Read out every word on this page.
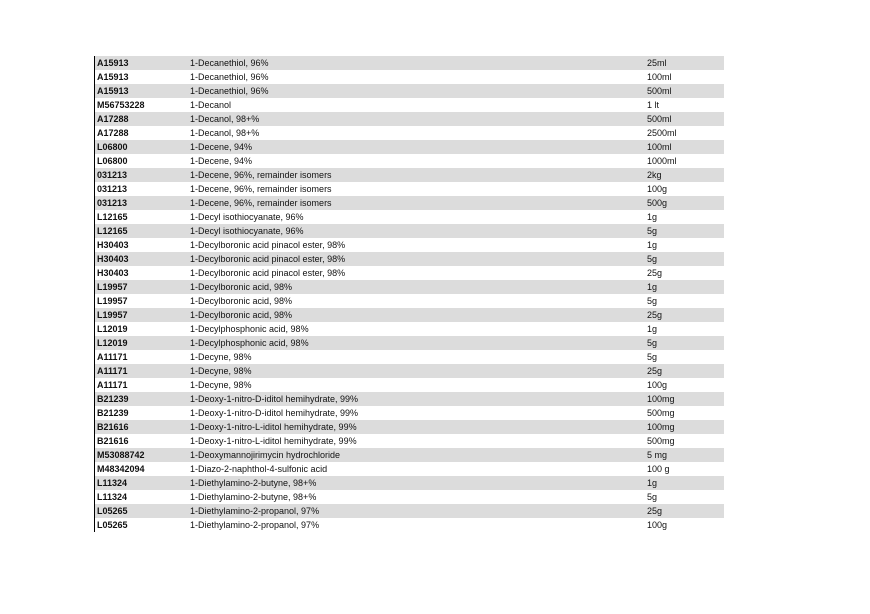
A15913	1-Decanethiol, 96%	25ml
A15913	1-Decanethiol, 96%	100ml
A15913	1-Decanethiol, 96%	500ml
M56753228	1-Decanol	1 lt
A17288	1-Decanol, 98+%	500ml
A17288	1-Decanol, 98+%	2500ml
L06800	1-Decene, 94%	100ml
L06800	1-Decene, 94%	1000ml
031213	1-Decene, 96%, remainder isomers	2kg
031213	1-Decene, 96%, remainder isomers	100g
031213	1-Decene, 96%, remainder isomers	500g
L12165	1-Decyl isothiocyanate, 96%	1g
L12165	1-Decyl isothiocyanate, 96%	5g
H30403	1-Decylboronic acid pinacol ester, 98%	1g
H30403	1-Decylboronic acid pinacol ester, 98%	5g
H30403	1-Decylboronic acid pinacol ester, 98%	25g
L19957	1-Decylboronic acid, 98%	1g
L19957	1-Decylboronic acid, 98%	5g
L19957	1-Decylboronic acid, 98%	25g
L12019	1-Decylphosphonic acid, 98%	1g
L12019	1-Decylphosphonic acid, 98%	5g
A11171	1-Decyne, 98%	5g
A11171	1-Decyne, 98%	25g
A11171	1-Decyne, 98%	100g
B21239	1-Deoxy-1-nitro-D-iditol hemihydrate, 99%	100mg
B21239	1-Deoxy-1-nitro-D-iditol hemihydrate, 99%	500mg
B21616	1-Deoxy-1-nitro-L-iditol hemihydrate, 99%	100mg
B21616	1-Deoxy-1-nitro-L-iditol hemihydrate, 99%	500mg
M53088742	1-Deoxymannojirimycin hydrochloride	5 mg
M48342094	1-Diazo-2-naphthol-4-sulfonic acid	100 g
L11324	1-Diethylamino-2-butyne, 98+%	1g
L11324	1-Diethylamino-2-butyne, 98+%	5g
L05265	1-Diethylamino-2-propanol, 97%	25g
L05265	1-Diethylamino-2-propanol, 97%	100g
